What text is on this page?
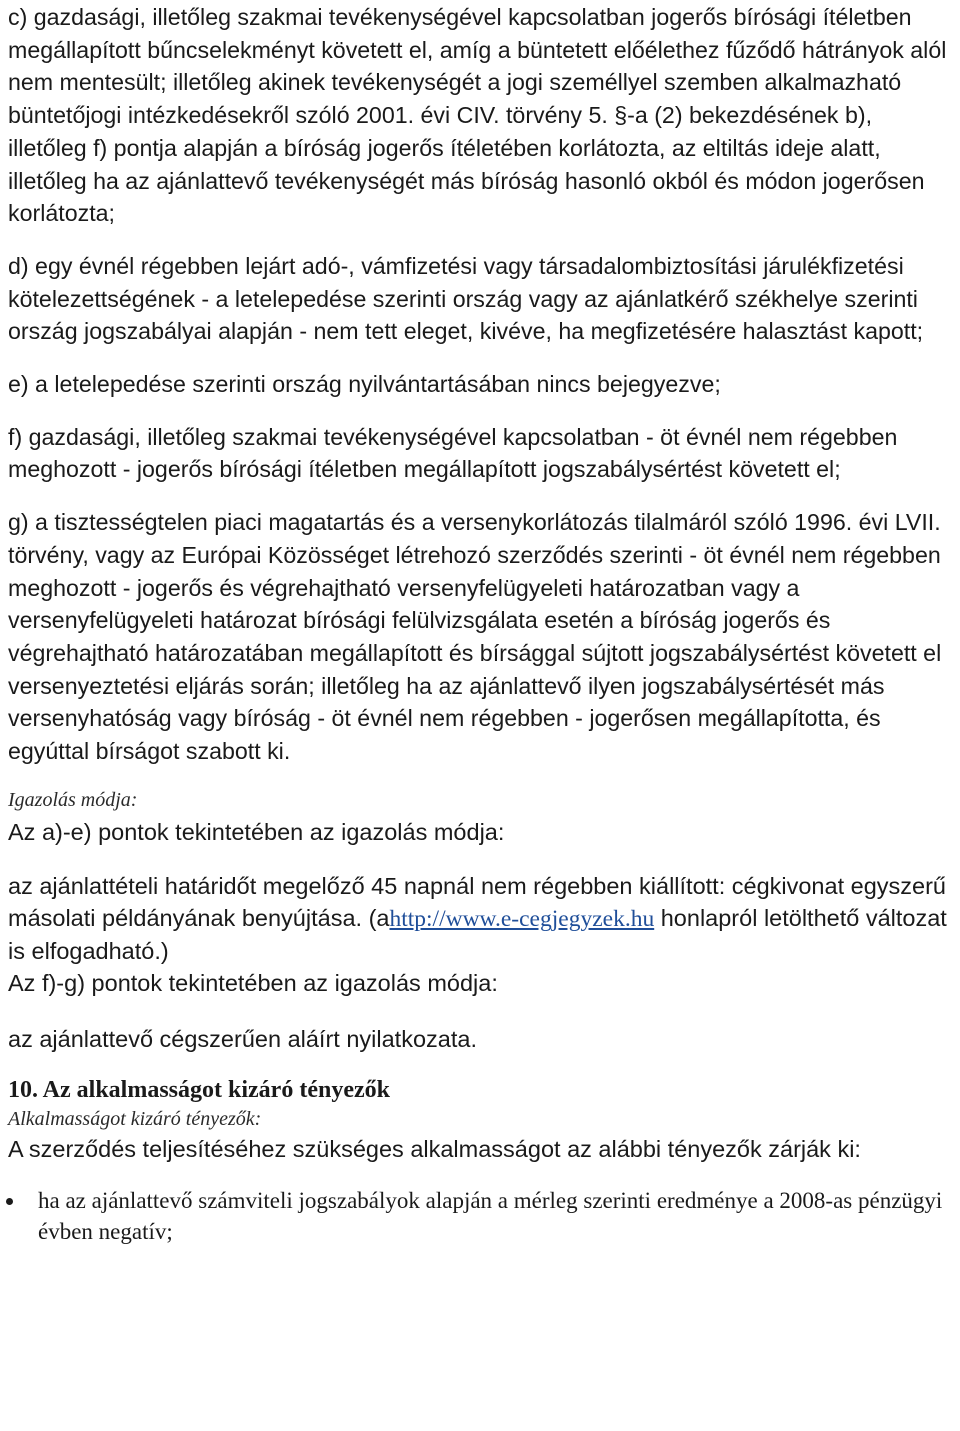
c) gazdasági, illetőleg szakmai tevékenységével kapcsolatban jogerős bírósági ítéletben megállapított bűncselekményt követett el, amíg a büntetett előélethez fűződő hátrányok alól nem mentesült; illetőleg akinek tevékenységét a jogi személlyel szemben alkalmazható büntetőjogi intézkedésekről szóló 2001. évi CIV. törvény 5. §-a (2) bekezdésének b), illetőleg f) pontja alapján a bíróság jogerős ítéletében korlátozta, az eltiltás ideje alatt, illetőleg ha az ajánlattevő tevékenységét más bíróság hasonló okból és módon jogerősen korlátozta;

d) egy évnél régebben lejárt adó-, vámfizetési vagy társadalombiztosítási járulékfizetési kötelezettségének - a letelepedése szerinti ország vagy az ajánlatkérő székhelye szerinti ország jogszabályai alapján - nem tett eleget, kivéve, ha megfizetésére halasztást kapott;

e) a letelepedése szerinti ország nyilvántartásában nincs bejegyezve;

f) gazdasági, illetőleg szakmai tevékenységével kapcsolatban - öt évnél nem régebben meghozott - jogerős bírósági ítéletben megállapított jogszabálysértést követett el;

g) a tisztességtelen piaci magatartás és a versenykorlátozás tilalmáról szóló 1996. évi LVII. törvény, vagy az Európai Közösséget létrehozó szerződés szerinti - öt évnél nem régebben meghozott - jogerős és végrehajtható versenyfelügyeleti határozatban vagy a versenyfelügyeleti határozat bírósági felülvizsgálata esetén a bíróság jogerős és végrehajtható határozatában megállapított és bírsággal sújtott jogszabálysértést követett el versenyeztetési eljárás során; illetőleg ha az ajánlattevő ilyen jogszabálysértését más versenyhatóság vagy bíróság - öt évnél nem régebben - jogerősen megállapította, és egyúttal bírságot szabott ki.

Igazolás módja:

Az a)-e) pontok tekintetében az igazolás módja:

az ajánlattételi határidőt megelőző 45 napnál nem régebben kiállított: cégkivonat egyszerű másolati példányának benyújtása. (ahttp://www.e-cegjegyzek.hu honlapról letölthető változat is elfogadható.)

Az f)-g) pontok tekintetében az igazolás módja:

az ajánlattevő cégszerűen aláírt nyilatkozata.

10. Az alkalmasságot kizáró tényezők

Alkalmasságot kizáró tényezők:

A szerződés teljesítéséhez szükséges alkalmasságot az alábbi tényezők zárják ki:

ha az ajánlattevő számviteli jogszabályok alapján a mérleg szerinti eredménye a 2008-as pénzügyi évben negatív;
